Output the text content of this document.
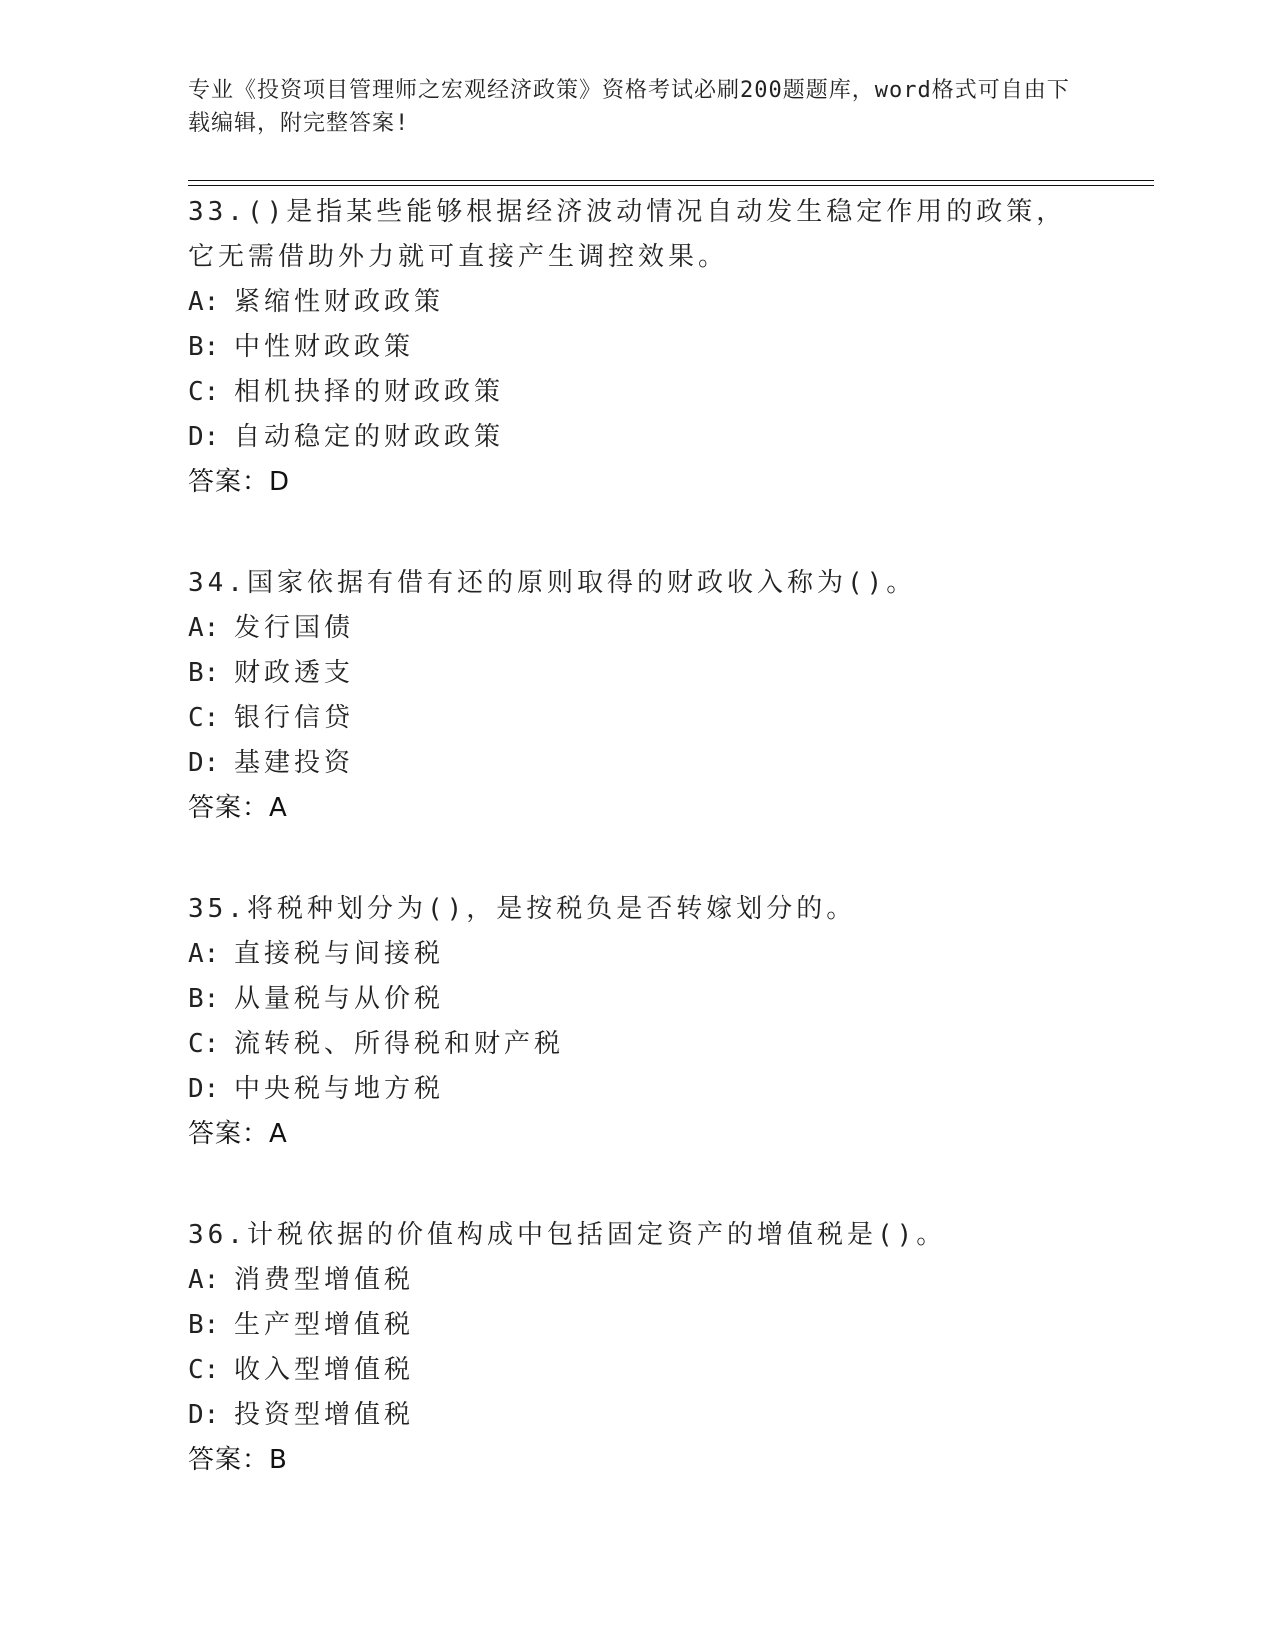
专业《投资项目管理师之宏观经济政策》资格考试必刷200题题库，word格式可自由下载编辑，附完整答案!
33.()是指某些能够根据经济波动情况自动发生稳定作用的政策，它无需借助外力就可直接产生调控效果。
A: 紧缩性财政政策
B: 中性财政政策
C: 相机抉择的财政政策
D: 自动稳定的财政政策
答案：D
34.国家依据有借有还的原则取得的财政收入称为()。
A: 发行国债
B: 财政透支
C: 银行信贷
D: 基建投资
答案：A
35.将税种划分为()，是按税负是否转嫁划分的。
A: 直接税与间接税
B: 从量税与从价税
C: 流转税、所得税和财产税
D: 中央税与地方税
答案：A
36.计税依据的价值构成中包括固定资产的增值税是()。
A: 消费型增值税
B: 生产型增值税
C: 收入型增值税
D: 投资型增值税
答案：B
